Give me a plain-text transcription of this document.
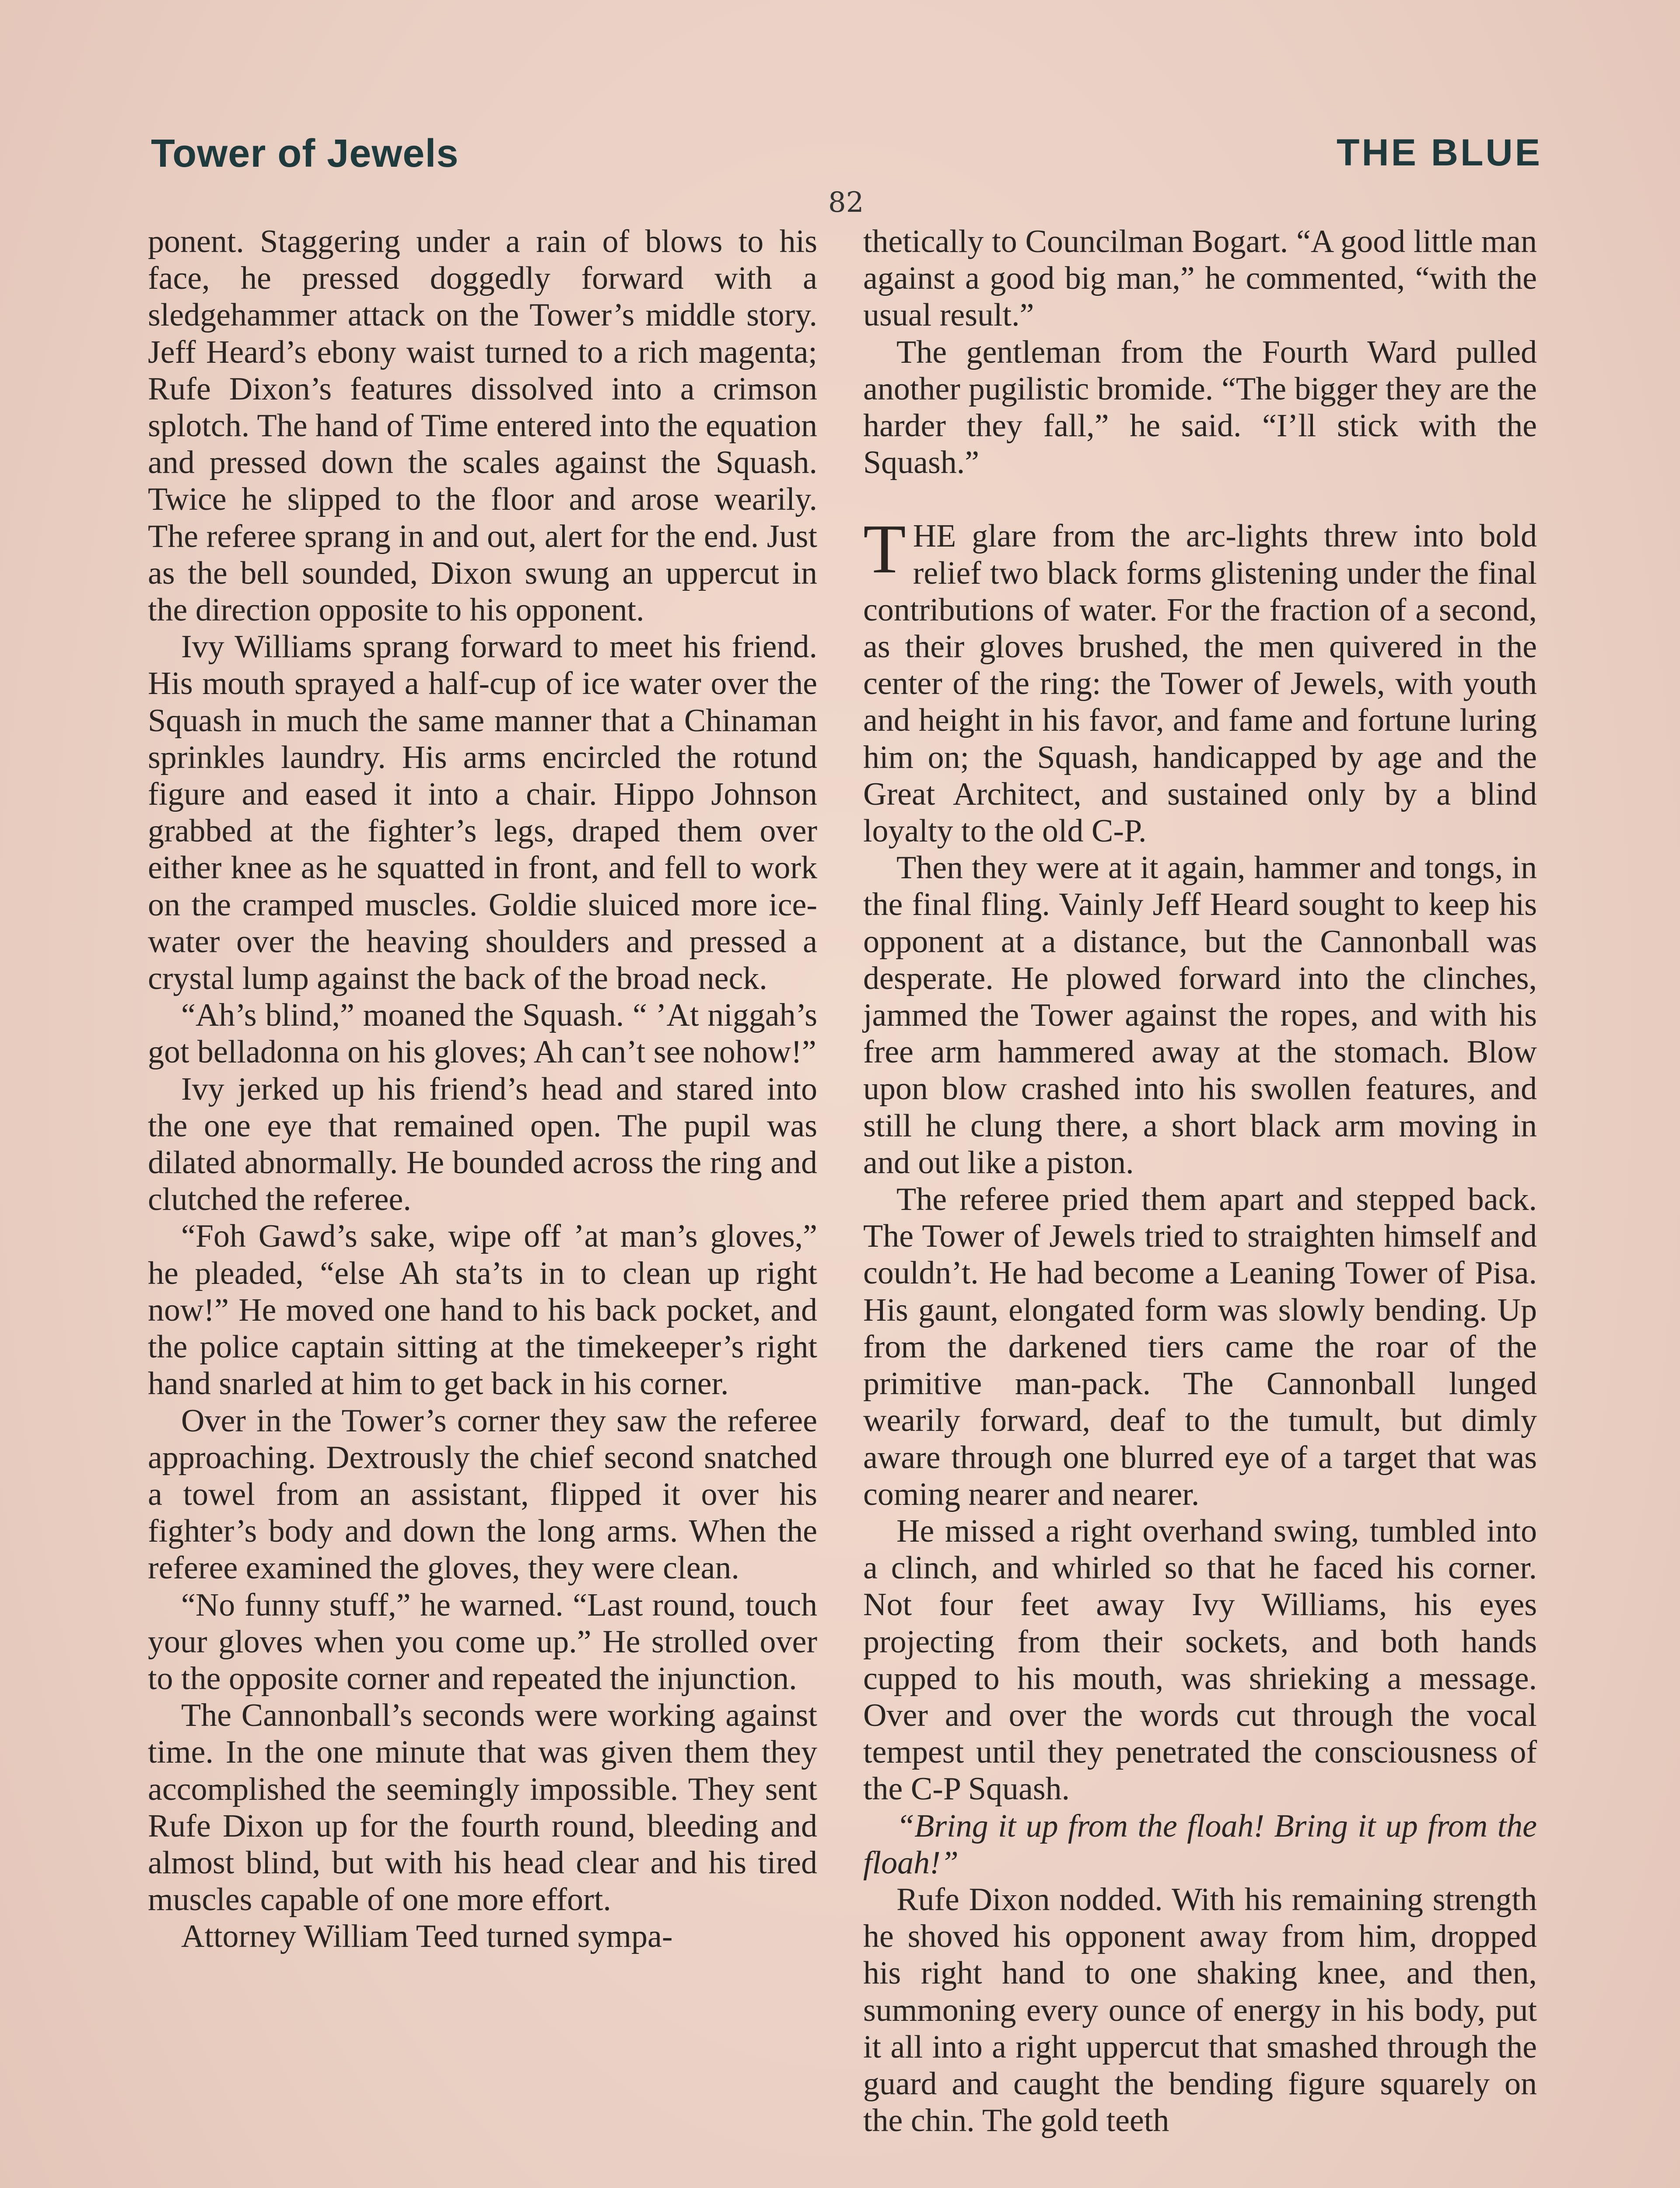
Tower of Jewels	THE BLUE
82

ponent. Staggering under a rain of blows to his face, he pressed doggedly forward with a sledgehammer attack on the Tower’s middle story. Jeff Heard’s ebony waist turned to a rich magenta; Rufe Dixon’s features dissolved into a crimson splotch. The hand of Time entered into the equation and pressed down the scales against the Squash. Twice he slipped to the floor and arose wearily. The referee sprang in and out, alert for the end. Just as the bell sounded, Dixon swung an uppercut in the direction opposite to his opponent.

Ivy Williams sprang forward to meet his friend. His mouth sprayed a half-cup of ice water over the Squash in much the same manner that a Chinaman sprinkles laundry. His arms encircled the rotund figure and eased it into a chair. Hippo Johnson grabbed at the fighter’s legs, draped them over either knee as he squatted in front, and fell to work on the cramped muscles. Goldie sluiced more ice-water over the heaving shoulders and pressed a crystal lump against the back of the broad neck.

“Ah’s blind,” moaned the Squash. “ ’At niggah’s got belladonna on his gloves; Ah can’t see nohow!”

Ivy jerked up his friend’s head and stared into the one eye that remained open. The pupil was dilated abnormally. He bounded across the ring and clutched the referee.

“Foh Gawd’s sake, wipe off ’at man’s gloves,” he pleaded, “else Ah sta’ts in to clean up right now!” He moved one hand to his back pocket, and the police captain sitting at the timekeeper’s right hand snarled at him to get back in his corner.

Over in the Tower’s corner they saw the referee approaching. Dextrously the chief second snatched a towel from an assistant, flipped it over his fighter’s body and down the long arms. When the referee examined the gloves, they were clean.

“No funny stuff,” he warned. “Last round, touch your gloves when you come up.” He strolled over to the opposite corner and repeated the injunction.

The Cannonball’s seconds were working against time. In the one minute that was given them they accomplished the seemingly impossible. They sent Rufe Dixon up for the fourth round, bleeding and almost blind, but with his head clear and his tired muscles capable of one more effort.

Attorney William Teed turned sympa-

thetically to Councilman Bogart. “A good little man against a good big man,” he commented, “with the usual result.”

The gentleman from the Fourth Ward pulled another pugilistic bromide. “The bigger they are the harder they fall,” he said. “I’ll stick with the Squash.”

THE glare from the arc-lights threw into bold relief two black forms glistening under the final contributions of water. For the fraction of a second, as their gloves brushed, the men quivered in the center of the ring: the Tower of Jewels, with youth and height in his favor, and fame and fortune luring him on; the Squash, handicapped by age and the Great Architect, and sustained only by a blind loyalty to the old C-P.

Then they were at it again, hammer and tongs, in the final fling. Vainly Jeff Heard sought to keep his opponent at a distance, but the Cannonball was desperate. He plowed forward into the clinches, jammed the Tower against the ropes, and with his free arm hammered away at the stomach. Blow upon blow crashed into his swollen features, and still he clung there, a short black arm moving in and out like a piston.

The referee pried them apart and stepped back. The Tower of Jewels tried to straighten himself and couldn’t. He had become a Leaning Tower of Pisa. His gaunt, elongated form was slowly bending. Up from the darkened tiers came the roar of the primitive man-pack. The Cannonball lunged wearily forward, deaf to the tumult, but dimly aware through one blurred eye of a target that was coming nearer and nearer.

He missed a right overhand swing, tumbled into a clinch, and whirled so that he faced his corner. Not four feet away Ivy Williams, his eyes projecting from their sockets, and both hands cupped to his mouth, was shrieking a message. Over and over the words cut through the vocal tempest until they penetrated the consciousness of the C-P Squash.

“Bring it up from the floah! Bring it up from the floah!”

Rufe Dixon nodded. With his remaining strength he shoved his opponent away from him, dropped his right hand to one shaking knee, and then, summoning every ounce of energy in his body, put it all into a right uppercut that smashed through the guard and caught the bending figure squarely on the chin. The gold teeth
